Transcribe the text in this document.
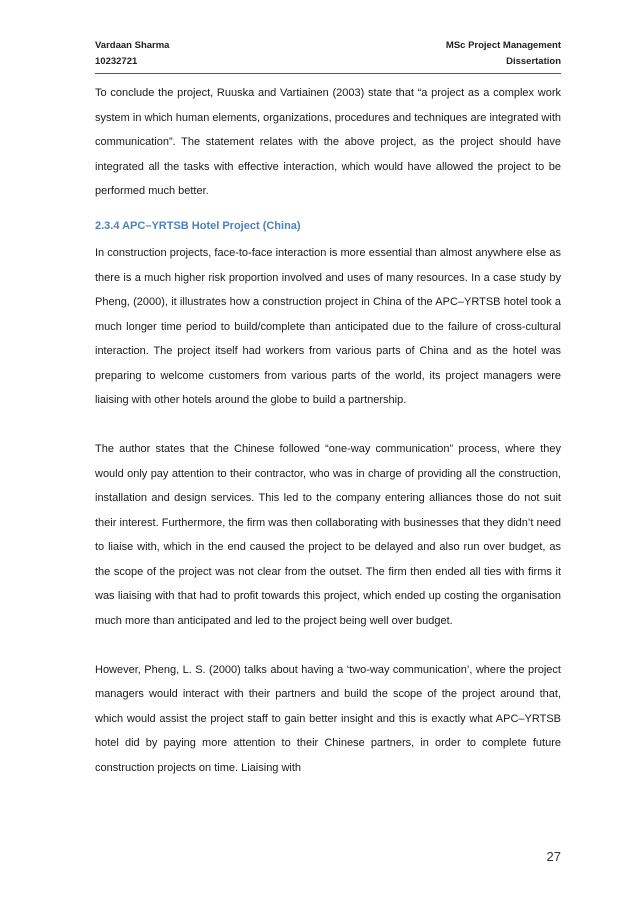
Vardaan Sharma
10232721
MSc Project Management
Dissertation

To conclude the project, Ruuska and Vartiainen (2003) state that “a project as a complex work system in which human elements, organizations, procedures and techniques are integrated with communication”. The statement relates with the above project, as the project should have integrated all the tasks with effective interaction, which would have allowed the project to be performed much better.

2.3.4 APC–YRTSB Hotel Project (China)

In construction projects, face-to-face interaction is more essential than almost anywhere else as there is a much higher risk proportion involved and uses of many resources. In a case study by Pheng, (2000), it illustrates how a construction project in China of the APC–YRTSB hotel took a much longer time period to build/complete than anticipated due to the failure of cross-cultural interaction. The project itself had workers from various parts of China and as the hotel was preparing to welcome customers from various parts of the world, its project managers were liaising with other hotels around the globe to build a partnership.

The author states that the Chinese followed “one-way communication” process, where they would only pay attention to their contractor, who was in charge of providing all the construction, installation and design services. This led to the company entering alliances those do not suit their interest. Furthermore, the firm was then collaborating with businesses that they didn’t need to liaise with, which in the end caused the project to be delayed and also run over budget, as the scope of the project was not clear from the outset. The firm then ended all ties with firms it was liaising with that had to profit towards this project, which ended up costing the organisation much more than anticipated and led to the project being well over budget.

However, Pheng, L. S. (2000) talks about having a ‘two-way communication’, where the project managers would interact with their partners and build the scope of the project around that, which would assist the project staff to gain better insight and this is exactly what APC–YRTSB hotel did by paying more attention to their Chinese partners, in order to complete future construction projects on time. Liaising with

27
